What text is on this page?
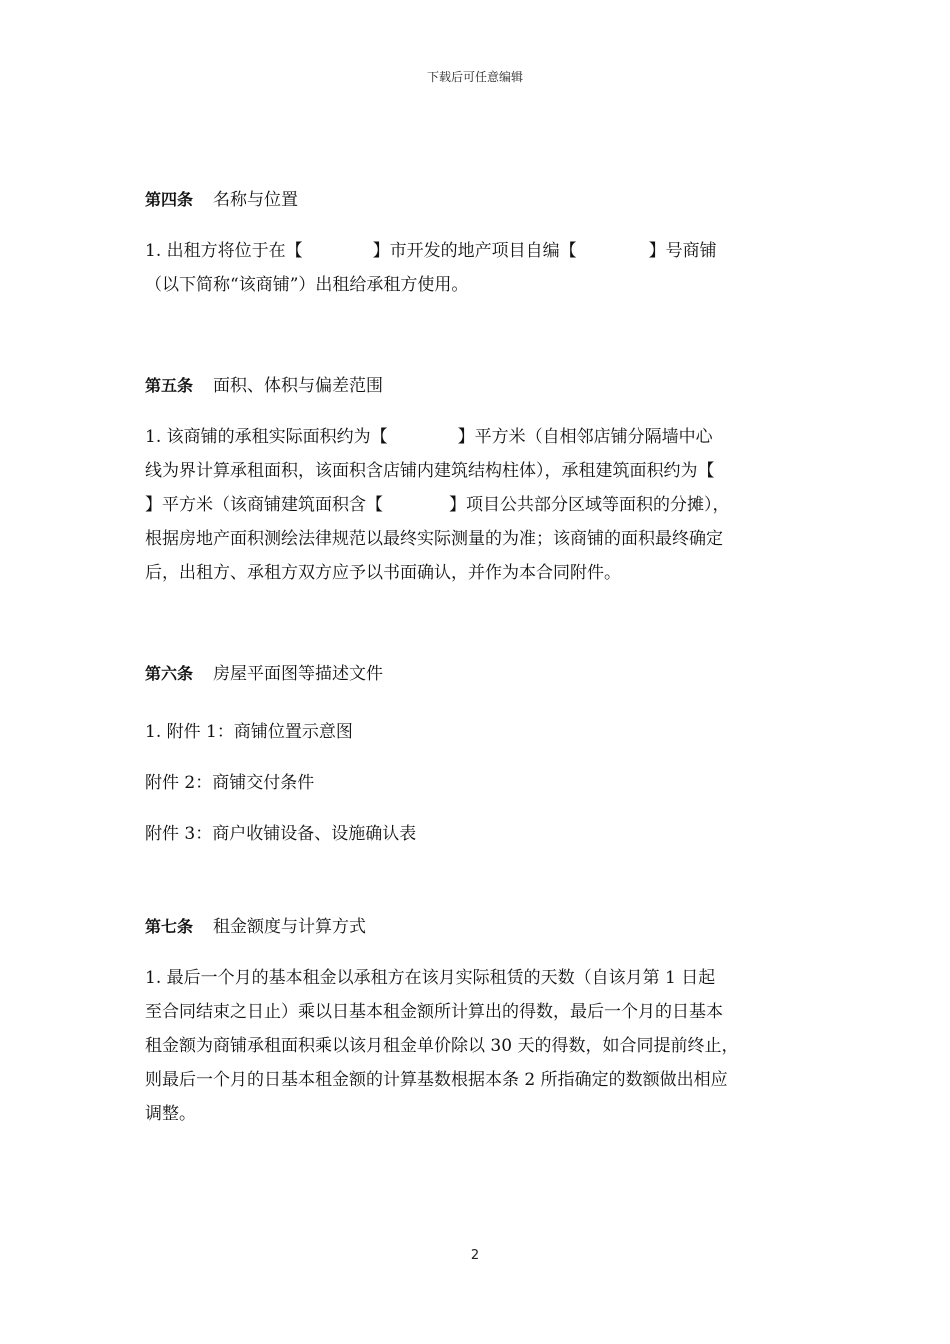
下载后可任意编辑
第四条 名称与位置
1. 出租方将位于在【	】市开发的地产项目自编【	】号商铺
（以下简称“该商铺”）出租给承租方使用。
第五条 面积、体积与偏差范围
1. 该商铺的承租实际面积约为【	】平方米（自相邻店铺分隔墙中心
线为界计算承租面积，该面积含店铺内建筑结构柱体），承租建筑面积约为【
】平方米（该商铺建筑面积含【	】项目公共部分区域等面积的分摊），
根据房地产面积测绘法律规范以最终实际测量的为准；该商铺的面积最终确定
后，出租方、承租方双方应予以书面确认，并作为本合同附件。
第六条 房屋平面图等描述文件
1. 附件 1：商铺位置示意图
附件 2：商铺交付条件
附件 3：商户收铺设备、设施确认表
第七条 租金额度与计算方式
1. 最后一个月的基本租金以承租方在该月实际租赁的天数（自该月第 1 日起
至合同结束之日止）乘以日基本租金额所计算出的得数，最后一个月的日基本
租金额为商铺承租面积乘以该月租金单价除以 30 天的得数，如合同提前终止，
则最后一个月的日基本租金额的计算基数根据本条 2 所指确定的数额做出相应
调整。
2
